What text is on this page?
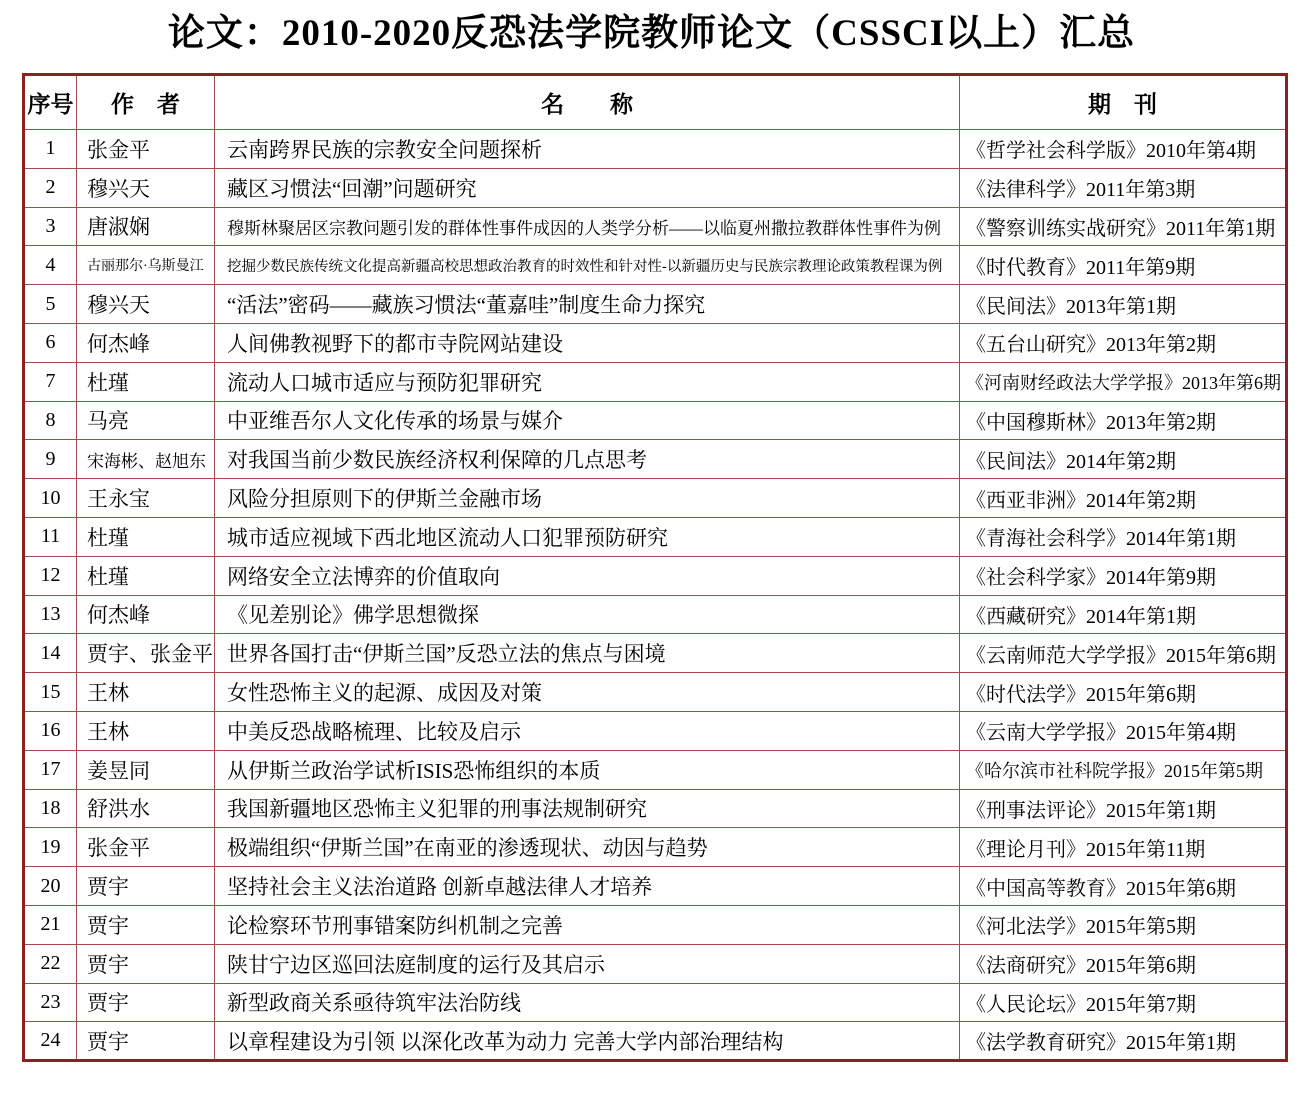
论文：2010-2020反恐法学院教师论文（CSSCI以上）汇总
序号	作　者	名　　称	期　刊
1	张金平	云南跨界民族的宗教安全问题探析	《哲学社会科学版》2010年第4期
2	穆兴天	藏区习惯法“回潮”问题研究	《法律科学》2011年第3期
3	唐淑娴	穆斯林聚居区宗教问题引发的群体性事件成因的人类学分析——以临夏州撒拉教群体性事件为例	《警察训练实战研究》2011年第1期
4	古丽那尔·乌斯曼江	挖掘少数民族传统文化提高新疆高校思想政治教育的时效性和针对性-以新疆历史与民族宗教理论政策教程课为例	《时代教育》2011年第9期
5	穆兴天	“活法”密码——藏族习惯法“董嘉哇”制度生命力探究	《民间法》2013年第1期
6	何杰峰	人间佛教视野下的都市寺院网站建设	《五台山研究》2013年第2期
7	杜瑾	流动人口城市适应与预防犯罪研究	《河南财经政法大学学报》2013年第6期
8	马亮	中亚维吾尔人文化传承的场景与媒介	《中国穆斯林》2013年第2期
9	宋海彬、赵旭东	对我国当前少数民族经济权利保障的几点思考	《民间法》2014年第2期
10	王永宝	风险分担原则下的伊斯兰金融市场	《西亚非洲》2014年第2期
11	杜瑾	城市适应视域下西北地区流动人口犯罪预防研究	《青海社会科学》2014年第1期
12	杜瑾	网络安全立法博弈的价值取向	《社会科学家》2014年第9期
13	何杰峰	《见差别论》佛学思想微探	《西藏研究》2014年第1期
14	贾宇、张金平	世界各国打击“伊斯兰国”反恐立法的焦点与困境	《云南师范大学学报》2015年第6期
15	王林	女性恐怖主义的起源、成因及对策	《时代法学》2015年第6期
16	王林	中美反恐战略梳理、比较及启示	《云南大学学报》2015年第4期
17	姜昱同	从伊斯兰政治学试析ISIS恐怖组织的本质	《哈尔滨市社科院学报》2015年第5期
18	舒洪水	我国新疆地区恐怖主义犯罪的刑事法规制研究	《刑事法评论》2015年第1期
19	张金平	极端组织“伊斯兰国”在南亚的渗透现状、动因与趋势	《理论月刊》2015年第11期
20	贾宇	坚持社会主义法治道路 创新卓越法律人才培养	《中国高等教育》2015年第6期
21	贾宇	论检察环节刑事错案防纠机制之完善	《河北法学》2015年第5期
22	贾宇	陕甘宁边区巡回法庭制度的运行及其启示	《法商研究》2015年第6期
23	贾宇	新型政商关系亟待筑牢法治防线	《人民论坛》2015年第7期
24	贾宇	以章程建设为引领 以深化改革为动力 完善大学内部治理结构	《法学教育研究》2015年第1期
